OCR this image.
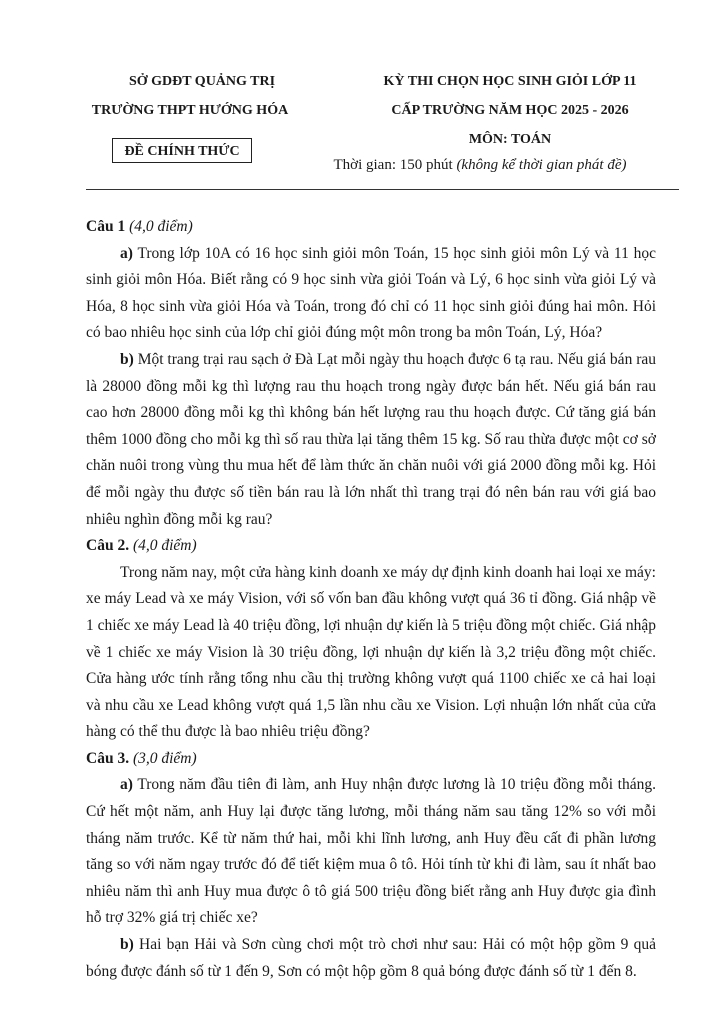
SỞ GDĐT QUẢNG TRỊ
TRƯỜNG THPT HƯỚNG HÓA
ĐỀ CHÍNH THỨC
KỲ THI CHỌN HỌC SINH GIỎI LỚP 11
CẤP TRƯỜNG NĂM HỌC 2025 - 2026
MÔN: TOÁN
Thời gian: 150 phút (không kể thời gian phát đề)

Câu 1 (4,0 điểm)

a) Trong lớp 10A có 16 học sinh giỏi môn Toán, 15 học sinh giỏi môn Lý và 11 học sinh giỏi môn Hóa. Biết rằng có 9 học sinh vừa giỏi Toán và Lý, 6 học sinh vừa giỏi Lý và Hóa, 8 học sinh vừa giỏi Hóa và Toán, trong đó chỉ có 11 học sinh giỏi đúng hai môn. Hỏi có bao nhiêu học sinh của lớp chỉ giỏi đúng một môn trong ba môn Toán, Lý, Hóa?

b) Một trang trại rau sạch ở Đà Lạt mỗi ngày thu hoạch được 6 tạ rau. Nếu giá bán rau là 28000 đồng mỗi kg thì lượng rau thu hoạch trong ngày được bán hết. Nếu giá bán rau cao hơn 28000 đồng mỗi kg thì không bán hết lượng rau thu hoạch được. Cứ tăng giá bán thêm 1000 đồng cho mỗi kg thì số rau thừa lại tăng thêm 15 kg. Số rau thừa được một cơ sở chăn nuôi trong vùng thu mua hết để làm thức ăn chăn nuôi với giá 2000 đồng mỗi kg. Hỏi để mỗi ngày thu được số tiền bán rau là lớn nhất thì trang trại đó nên bán rau với giá bao nhiêu nghìn đồng mỗi kg rau?

Câu 2. (4,0 điểm)

Trong năm nay, một cửa hàng kinh doanh xe máy dự định kinh doanh hai loại xe máy: xe máy Lead và xe máy Vision, với số vốn ban đầu không vượt quá 36 tỉ đồng. Giá nhập về 1 chiếc xe máy Lead là 40 triệu đồng, lợi nhuận dự kiến là 5 triệu đồng một chiếc. Giá nhập về 1 chiếc xe máy Vision là 30 triệu đồng, lợi nhuận dự kiến là 3,2 triệu đồng một chiếc. Cửa hàng ước tính rằng tổng nhu cầu thị trường không vượt quá 1100 chiếc xe cả hai loại và nhu cầu xe Lead không vượt quá 1,5 lần nhu cầu xe Vision. Lợi nhuận lớn nhất của cửa hàng có thể thu được là bao nhiêu triệu đồng?

Câu 3. (3,0 điểm)

a) Trong năm đầu tiên đi làm, anh Huy nhận được lương là 10 triệu đồng mỗi tháng. Cứ hết một năm, anh Huy lại được tăng lương, mỗi tháng năm sau tăng 12% so với mỗi tháng năm trước. Kể từ năm thứ hai, mỗi khi lĩnh lương, anh Huy đều cất đi phần lương tăng so với năm ngay trước đó để tiết kiệm mua ô tô. Hỏi tính từ khi đi làm, sau ít nhất bao nhiêu năm thì anh Huy mua được ô tô giá 500 triệu đồng biết rằng anh Huy được gia đình hỗ trợ 32% giá trị chiếc xe?

b) Hai bạn Hải và Sơn cùng chơi một trò chơi như sau: Hải có một hộp gồm 9 quả bóng được đánh số từ 1 đến 9, Sơn có một hộp gồm 8 quả bóng được đánh số từ 1 đến 8.
